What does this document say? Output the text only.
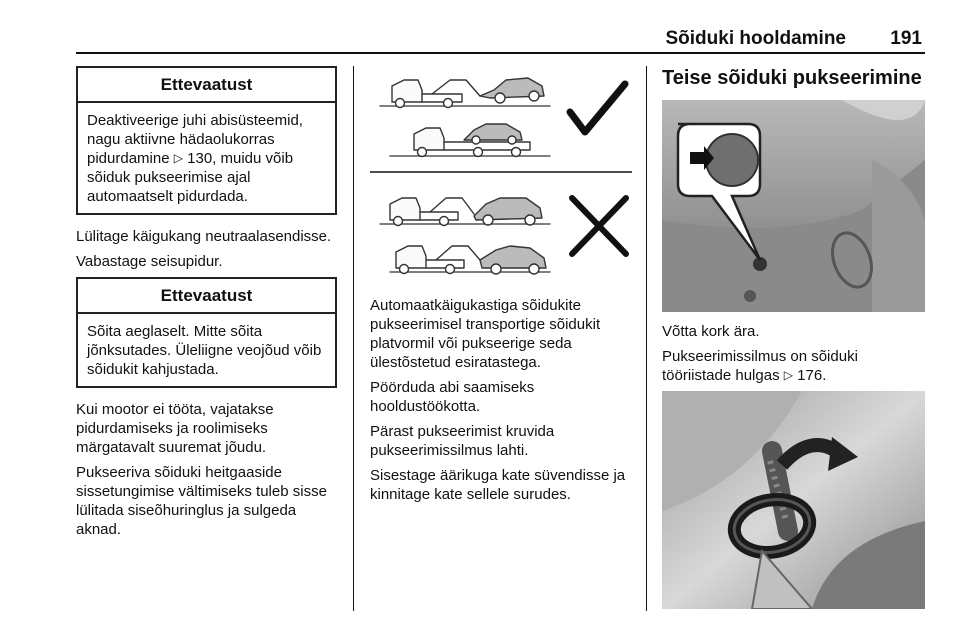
Sõiduki hooldamine	191
Ettevaatust
Deaktiveerige juhi abisüsteemid, nagu aktiivne hädaolukorras pidurdamine ▷ 130, muidu võib sõiduk pukseerimise ajal automaatselt pidurdada.

Lülitage käigukang neutraalasendisse.

Vabastage seisupidur.

Ettevaatust
Sõita aeglaselt. Mitte sõita jõnksutades. Üleliigne veojõud võib sõidukit kahjustada.

Kui mootor ei tööta, vajatakse pidurdamiseks ja roolimiseks märgatavalt suuremat jõudu.

Pukseeriva sõiduki heitgaaside sissetungimise vältimiseks tuleb sisse lülitada siseõhuringlus ja sulgeda aknad.

Automaatkäigukastiga sõidukite pukseerimisel transportige sõidukit platvormil või pukseerige seda ülestõstetud esiratastega.

Pöörduda abi saamiseks hooldustöökotta.

Pärast pukseerimist kruvida pukseerimissilmus lahti.

Sisestage äärikuga kate süvendisse ja kinnitage kate sellele surudes.

Teise sõiduki pukseerimine

Võtta kork ära.

Pukseerimissilmus on sõiduki tööriistade hulgas ▷ 176.
